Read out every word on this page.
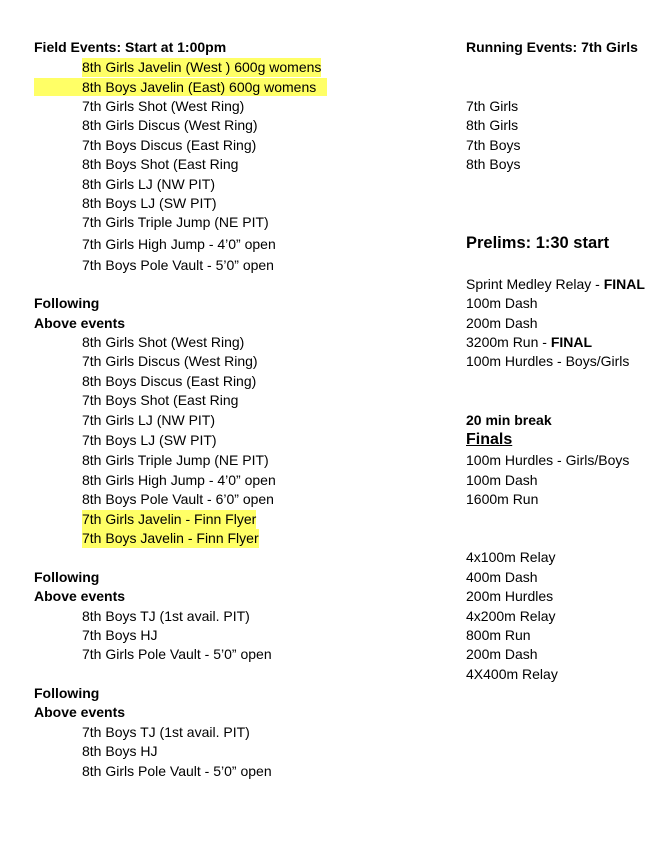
Field Events: Start at 1:00pm
8th Girls Javelin (West ) 600g womens
8th Boys Javelin (East) 600g womens
7th Girls Shot (West Ring)
8th Girls Discus (West Ring)
7th Boys Discus (East Ring)
8th Boys Shot (East Ring
8th Girls LJ (NW PIT)
8th Boys LJ (SW PIT)
7th Girls Triple Jump (NE PIT)
7th Girls High Jump - 4’0” open
7th Boys Pole Vault - 5’0” open
Following
Above events
8th Girls Shot (West Ring)
7th Girls Discus (West Ring)
8th Boys Discus (East Ring)
7th Boys Shot (East Ring
7th Girls LJ (NW PIT)
7th Boys LJ (SW PIT)
8th Girls Triple Jump (NE PIT)
8th Girls High Jump - 4’0” open
8th Boys Pole Vault - 6’0” open
7th Girls Javelin - Finn Flyer
7th Boys Javelin - Finn Flyer
Following
Above events
8th Boys TJ (1st avail. PIT)
7th Boys HJ
7th Girls Pole Vault - 5’0” open
Following
Above events
7th Boys TJ (1st avail. PIT)
8th Boys HJ
8th Girls Pole Vault - 5’0” open
Running Events: 7th Girls
7th Girls
8th Girls
7th Boys
8th Boys
Prelims: 1:30 start
Sprint Medley Relay - FINAL
100m Dash
200m Dash
3200m Run - FINAL
100m Hurdles - Boys/Girls
20 min break
Finals
100m Hurdles - Girls/Boys
100m Dash
1600m Run
4x100m Relay
400m Dash
200m Hurdles
4x200m Relay
800m Run
200m Dash
4X400m Relay
